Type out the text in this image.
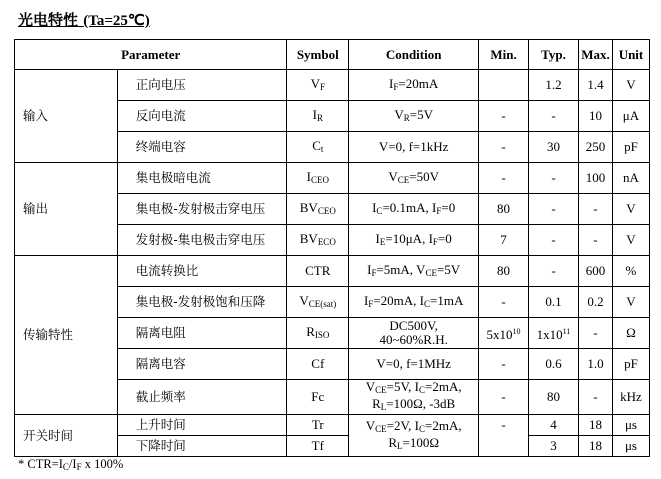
光电特性 (Ta=25℃)
Parameter		Symbol	Condition	Min.	Typ.	Max.	Unit
输入	正向电压	$V_F$	$I_F=20mA$		1.2	1.4	V
	反向电流	$I_R$	$V_R=5V$	-	-	10	μA
	终端电容	$C_t$	V=0, f=1kHz	-	30	250	pF
输出	集电极暗电流	$I_{CEO}$	$V_{CE}=50V$	-	-	100	nA
	集电极-发射极击穿电压	$BV_{CEO}$	$I_C=0.1mA$, $I_F=0$	80	-	-	V
	发射极-集电极击穿电压	$BV_{ECO}$	$I_E=10\mu A$, $I_F=0$	7	-	-	V
传输特性	电流转换比	CTR	$I_F=5mA$, $V_{CE}=5V$	80	-	600	%
	集电极-发射极饱和压降	$V_{CE(sat)}$	$I_F=20mA$, $I_C=1mA$	-	0.1	0.2	V
	隔离电阻	$R_{ISO}$	DC500V,
40~60%R.H.	$5x10^{10}$	$1x10^{11}$	-	Ω
	隔离电容	Cf	V=0, f=1MHz	-	0.6	1.0	pF
	截止频率	Fc	$V_{CE}=5V$, $I_C=2mA$,
$R_L=100\Omega$, -3dB	-	80	-	kHz
开关时间	上升时间	Tr	$V_{CE}=2V$, $I_C=2mA$,
$R_L=100\Omega$	-	4	18	μs
	下降时间	Tf			3	18	μs
* $CTR=I_C/I_F$ x 100%
